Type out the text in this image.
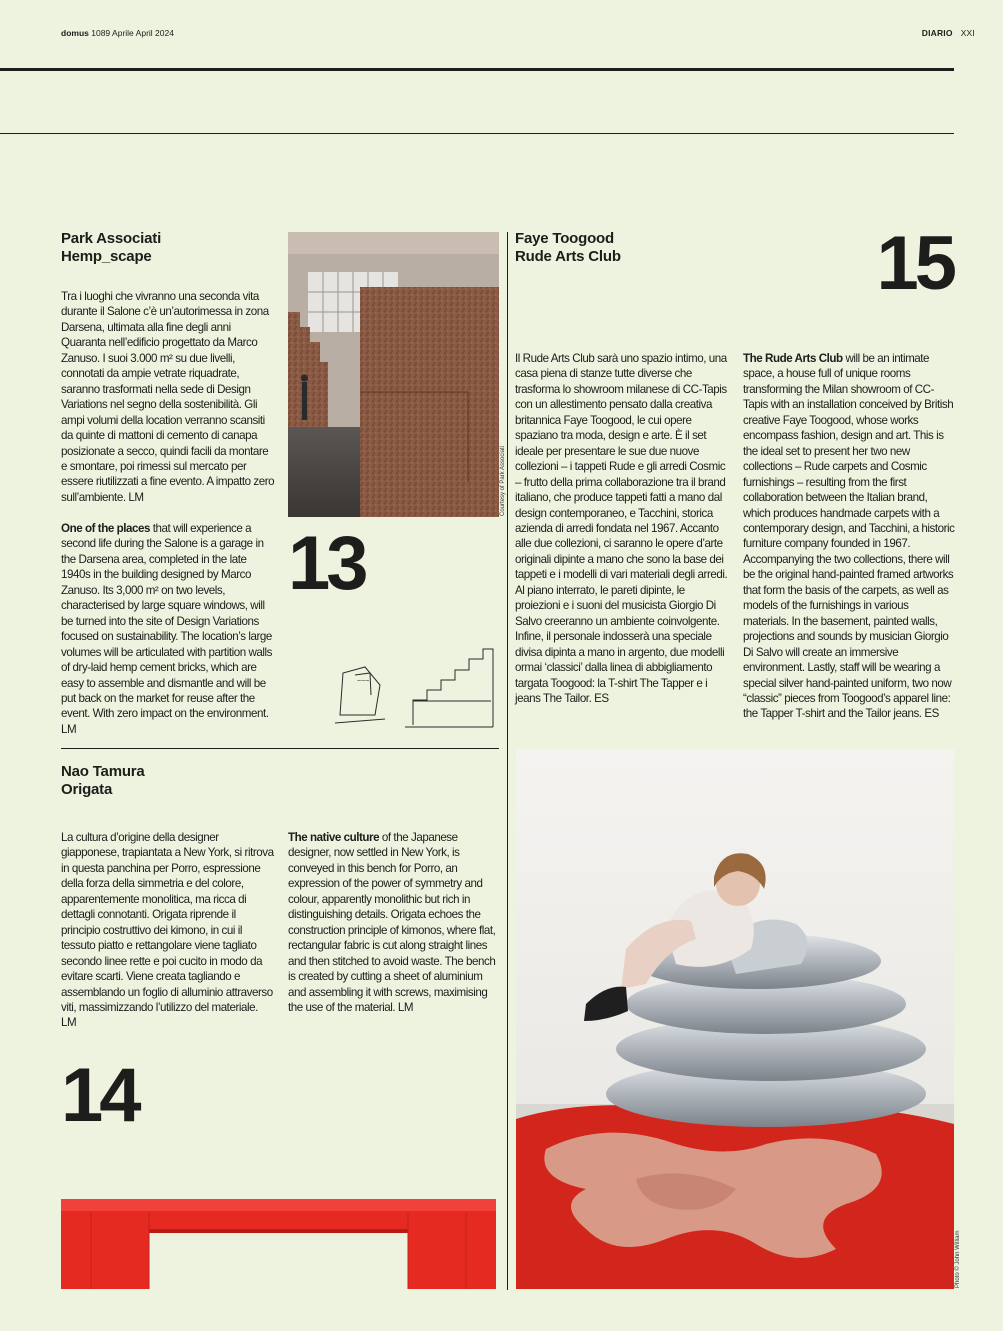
domus 1089 Aprile April 2024	DIARIO XXI
Park Associati
Hemp_scape
Tra i luoghi che vivranno una seconda vita durante il Salone c’è un’autorimessa in zona Darsena, ultimata alla fine degli anni Quaranta nell’edificio progettato da Marco Zanuso. I suoi 3.000 m² su due livelli, connotati da ampie vetrate riquadrate, saranno trasformati nella sede di Design Variations nel segno della sostenibilità. Gli ampi volumi della location verranno scansiti da quinte di mattoni di cemento di canapa posizionate a secco, quindi facili da montare e smontare, poi rimessi sul mercato per essere riutilizzati a fine evento. A impatto zero sull’ambiente. LM
One of the places that will experience a second life during the Salone is a garage in the Darsena area, completed in the late 1940s in the building designed by Marco Zanuso. Its 3,000 m² on two levels, characterised by large square windows, will be turned into the site of Design Variations focused on sustainability. The location’s large volumes will be articulated with partition walls of dry-laid hemp cement bricks, which are easy to assemble and dismantle and will be put back on the market for reuse after the event. With zero impact on the environment. LM
Courtesy of Park Associati
13
~~~
Nao Tamura
Origata
La cultura d’origine della designer giapponese, trapiantata a New York, si ritrova in questa panchina per Porro, espressione della forza della simmetria e del colore, apparentemente monolitica, ma ricca di dettagli connotanti. Origata riprende il principio costruttivo dei kimono, in cui il tessuto piatto e rettangolare viene tagliato secondo linee rette e poi cucito in modo da evitare scarti. Viene creata tagliando e assemblando un foglio di alluminio attraverso viti, massimizzando l’utilizzo del materiale. LM
The native culture of the Japanese designer, now settled in New York, is conveyed in this bench for Porro, an expression of the power of symmetry and colour, apparently monolithic but rich in distinguishing details. Origata echoes the construction principle of kimonos, where flat, rectangular fabric is cut along straight lines and then stitched to avoid waste. The bench is created by cutting a sheet of aluminium and assembling it with screws, maximising the use of the material. LM
14
Faye Toogood
Rude Arts Club	15
Il Rude Arts Club sarà uno spazio intimo, una casa piena di stanze tutte diverse che trasforma lo showroom milanese di CC-Tapis con un allestimento pensato dalla creativa britannica Faye Toogood, le cui opere spaziano tra moda, design e arte. È il set ideale per presentare le sue due nuove collezioni – i tappeti Rude e gli arredi Cosmic – frutto della prima collaborazione tra il brand italiano, che produce tappeti fatti a mano dal design contemporaneo, e Tacchini, storica azienda di arredi fondata nel 1967. Accanto alle due collezioni, ci saranno le opere d’arte originali dipinte a mano che sono la base dei tappeti e i modelli di vari materiali degli arredi. Al piano interrato, le pareti dipinte, le proiezioni e i suoni del musicista Giorgio Di Salvo creeranno un ambiente coinvolgente. Infine, il personale indosserà una speciale divisa dipinta a mano in argento, due modelli ormai ‘classici’ dalla linea di abbigliamento targata Toogood: la T-shirt The Tapper e i jeans The Tailor. ES
The Rude Arts Club will be an intimate space, a house full of unique rooms transforming the Milan showroom of CC-Tapis with an installation conceived by British creative Faye Toogood, whose works encompass fashion, design and art. This is the ideal set to present her two new collections – Rude carpets and Cosmic furnishings – resulting from the first collaboration between the Italian brand, which produces handmade carpets with a contemporary design, and Tacchini, a historic furniture company founded in 1967. Accompanying the two collections, there will be the original hand-painted framed artworks that form the basis of the carpets, as well as models of the furnishings in various materials. In the basement, painted walls, projections and sounds by musician Giorgio Di Salvo will create an immersive environment. Lastly, staff will be wearing a special silver hand-painted uniform, two now “classic” pieces from Toogood’s apparel line: the Tapper T-shirt and the Tailor jeans. ES
Photo © John William
